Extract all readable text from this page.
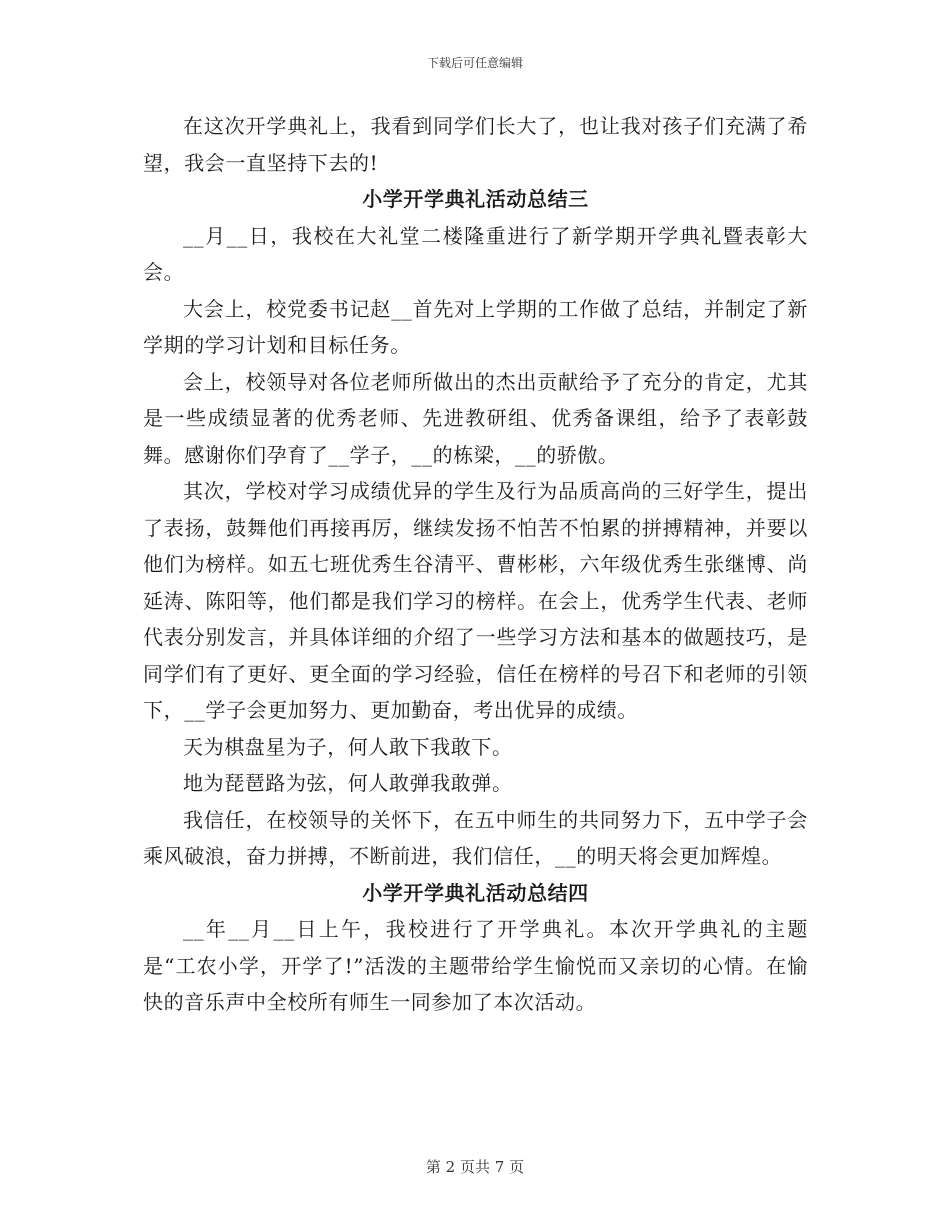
下载后可任意编辑

在这次开学典礼上，我看到同学们长大了，也让我对孩子们充满了希望，我会一直坚持下去的!

小学开学典礼活动总结三

__月__日，我校在大礼堂二楼隆重进行了新学期开学典礼暨表彰大会。

大会上，校党委书记赵__首先对上学期的工作做了总结，并制定了新学期的学习计划和目标任务。

会上，校领导对各位老师所做出的杰出贡献给予了充分的肯定，尤其是一些成绩显著的优秀老师、先进教研组、优秀备课组，给予了表彰鼓舞。感谢你们孕育了__学子，__的栋梁，__的骄傲。

其次，学校对学习成绩优异的学生及行为品质高尚的三好学生，提出了表扬，鼓舞他们再接再厉，继续发扬不怕苦不怕累的拼搏精神，并要以他们为榜样。如五七班优秀生谷清平、曹彬彬，六年级优秀生张继博、尚延涛、陈阳等，他们都是我们学习的榜样。在会上，优秀学生代表、老师代表分别发言，并具体详细的介绍了一些学习方法和基本的做题技巧，是同学们有了更好、更全面的学习经验，信任在榜样的号召下和老师的引领下，__学子会更加努力、更加勤奋，考出优异的成绩。

天为棋盘星为子，何人敢下我敢下。

地为琵琶路为弦，何人敢弹我敢弹。

我信任，在校领导的关怀下，在五中师生的共同努力下，五中学子会乘风破浪，奋力拼搏，不断前进，我们信任，__的明天将会更加辉煌。

小学开学典礼活动总结四

__年__月__日上午，我校进行了开学典礼。本次开学典礼的主题是“工农小学，开学了!”活泼的主题带给学生愉悦而又亲切的心情。在愉快的音乐声中全校所有师生一同参加了本次活动。

第 2 页共 7 页
